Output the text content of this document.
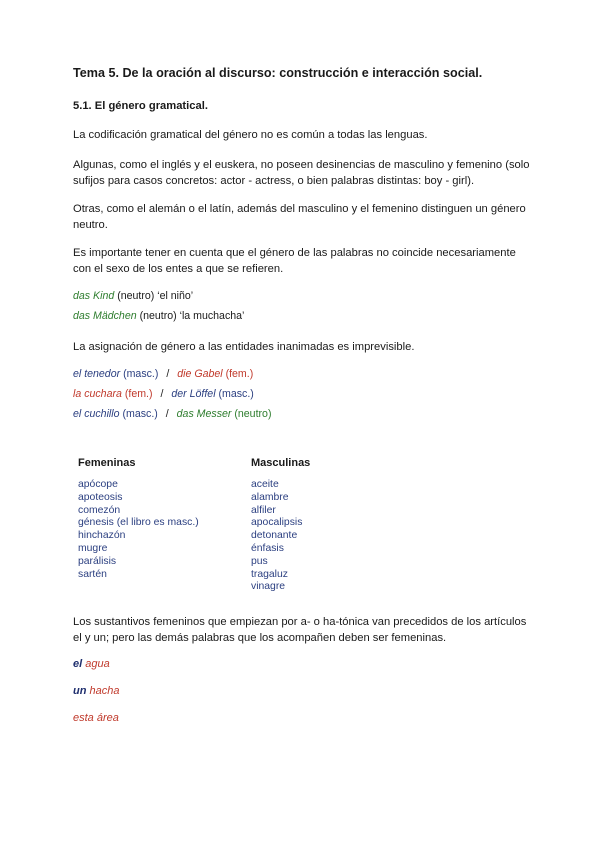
Tema 5. De la oración al discurso: construcción e interacción social.
5.1. El género gramatical.

La codificación gramatical del género no es común a todas las lenguas.

Algunas, como el inglés y el euskera, no poseen desinencias de masculino y femenino (solo sufijos para casos concretos: actor - actress, o bien palabras distintas: boy - girl).

Otras, como el alemán o el latín, además del masculino y el femenino distinguen un género neutro.

Es importante tener en cuenta que el género de las palabras no coincide necesariamente con el sexo de los entes a que se refieren.

das Kind (neutro) ‘el niño’

das Mädchen (neutro) ‘la muchacha’

La asignación de género a las entidades inanimadas es imprevisible.

el tenedor (masc.) / die Gabel (fem.)

la cuchara (fem.) / der Löffel (masc.)

el cuchillo (masc.) / das Messer (neutro)

Femeninas	Masculinas
apócope
apoteosis
comezón
génesis (el libro es masc.)
hinchazón
mugre
parálisis
sartén
aceite
alambre
alfiler
apocalipsis
detonante
énfasis
pus
tragaluz
vinagre

Los sustantivos femeninos que empiezan por a- o ha-tónica van precedidos de los artículos el y un; pero las demás palabras que los acompañen deben ser femeninas.

el agua

un hacha

esta área
